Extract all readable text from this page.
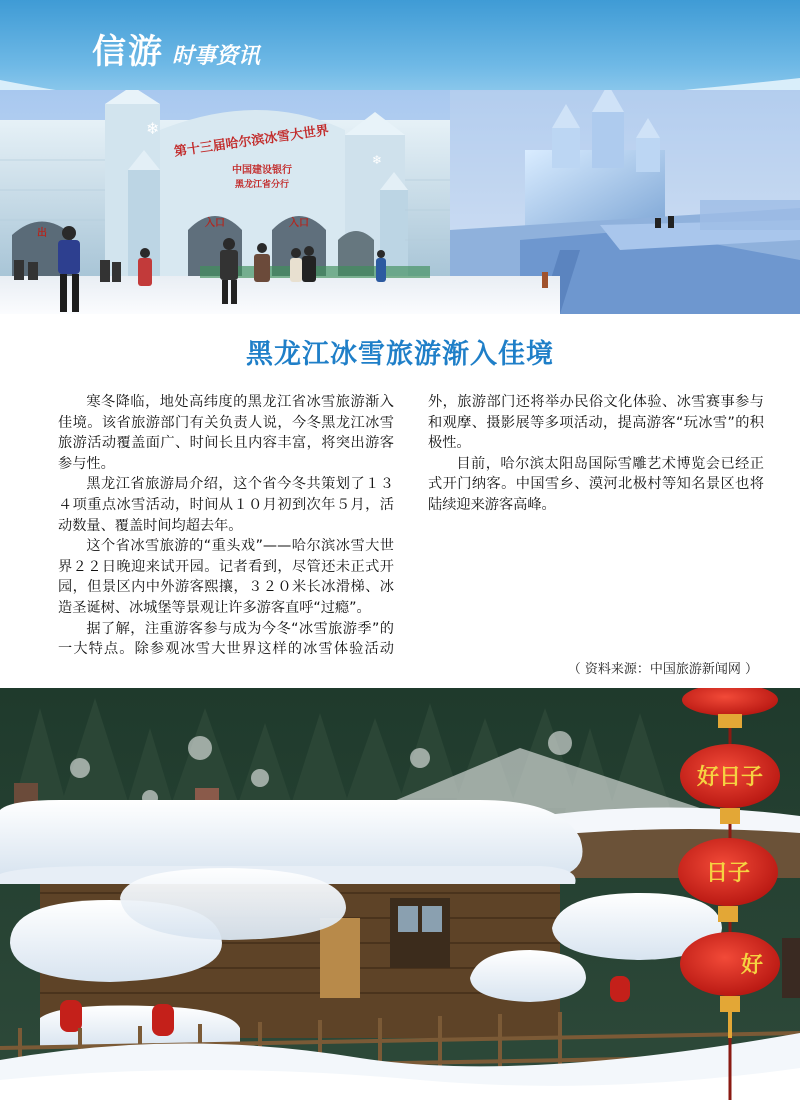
信游 时事资讯
第十三届哈尔滨冰雪大世界
中国建设银行
黑龙江省分行
出
入口	入口
❄
❄
黑龙江冰雪旅游渐入佳境

寒冬降临，地处高纬度的黑龙江省冰雪旅游渐入佳境。该省旅游部门有关负责人说，今冬黑龙江冰雪旅游活动覆盖面广、时间长且内容丰富，将突出游客参与性。

黑龙江省旅游局介绍，这个省今冬共策划了１３４项重点冰雪活动，时间从１０月初到次年５月，活动数量、覆盖时间均超去年。

这个省冰雪旅游的“重头戏”——哈尔滨冰雪大世界２２日晚迎来试开园。记者看到，尽管还未正式开园，但景区内中外游客熙攘，３２０米长冰滑梯、冰造圣诞树、冰城堡等景观让许多游客直呼“过瘾”。

据了解，注重游客参与成为今冬“冰雪旅游季”的一大特点。除参观冰雪大世界这样的冰雪体验活动外，旅游部门还将举办民俗文化体验、冰雪赛事参与和观摩、摄影展等多项活动，提高游客“玩冰雪”的积极性。

目前，哈尔滨太阳岛国际雪雕艺术博览会已经正式开门纳客。中国雪乡、漠河北极村等知名景区也将陆续迎来游客高峰。

（ 资料来源：中国旅游新闻网 ）
好日子
日子
好
